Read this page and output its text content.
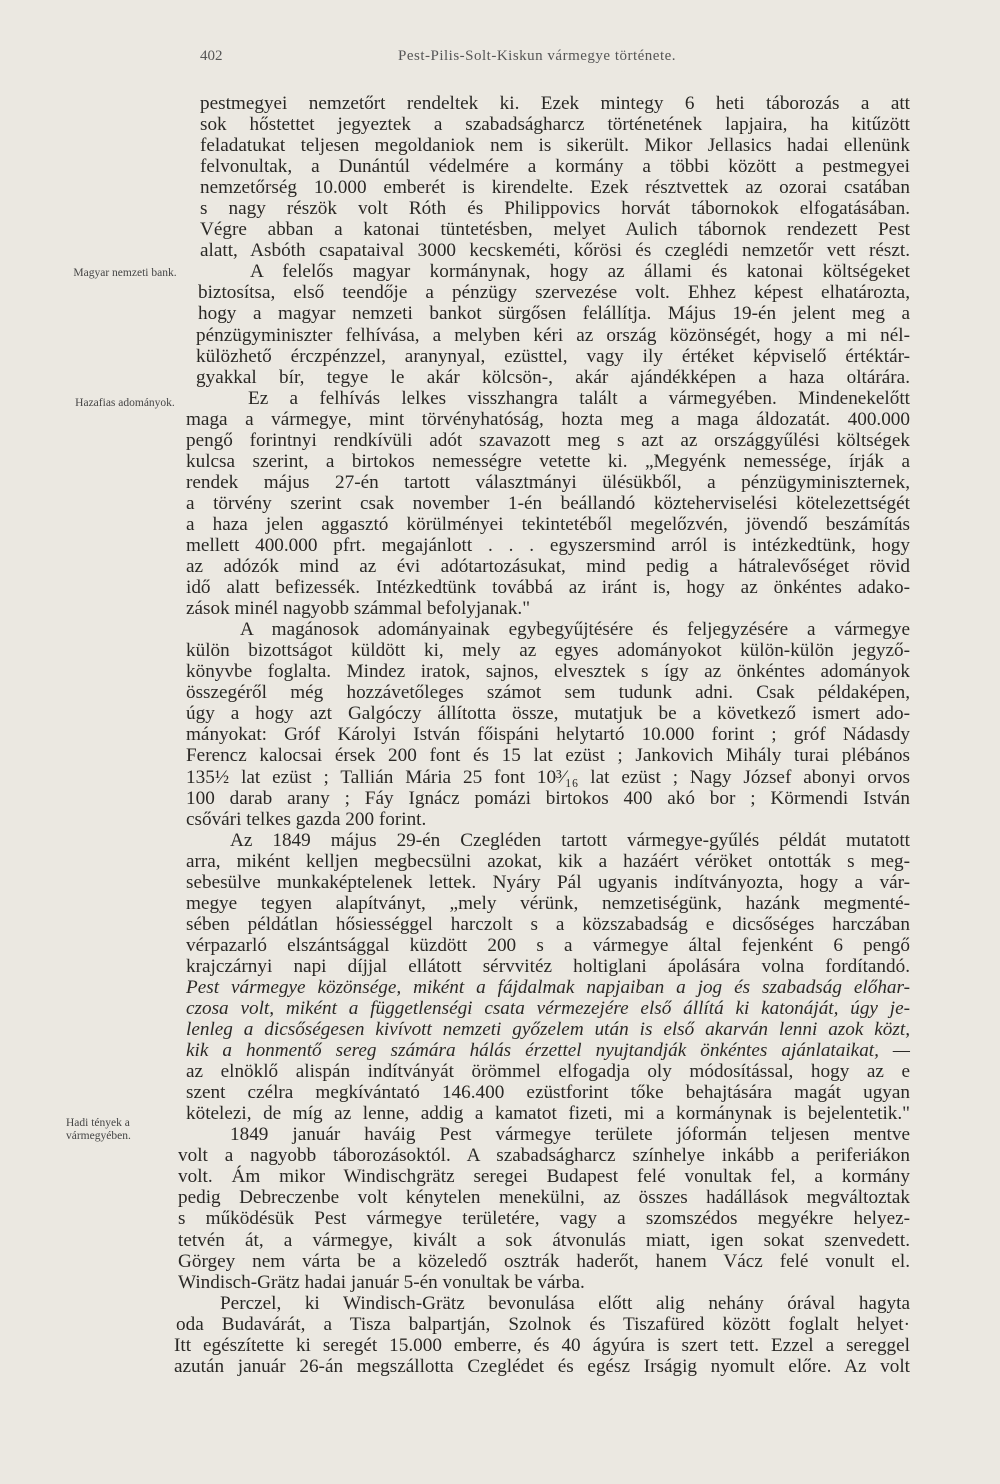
402	Pest-Pilis-Solt-Kiskun vármegye története.
Magyar nemzeti bank.
Hazafias adományok.
Hadi tények a vármegyében.
pestmegyei nemzetőrt rendeltek ki. Ezek mintegy 6 heti táborozás a att
sok hőstettet jegyeztek a szabadságharcz történetének lapjaira, ha kitűzött
feladatukat teljesen megoldaniok nem is sikerült. Mikor Jellasics hadai ellenünk
felvonultak, a Dunántúl védelmére a kormány a többi között a pestmegyei
nemzetőrség 10.000 emberét is kirendelte. Ezek résztvettek az ozorai csatában
s nagy részök volt Róth és Philippovics horvát tábornokok elfogatásában.
Végre abban a katonai tüntetésben, melyet Aulich tábornok rendezett Pest
alatt, Asbóth csapataival 3000 kecskeméti, kőrösi és czeglédi nemzetőr vett részt.
A felelős magyar kormánynak, hogy az állami és katonai költségeket
biztosítsa, első teendője a pénzügy szervezése volt. Ehhez képest elhatározta,
hogy a magyar nemzeti bankot sürgősen felállítja. Május 19-én jelent meg a
pénzügyminiszter felhívása, a melyben kéri az ország közönségét, hogy a mi nél-
külözhető érczpénzzel, aranynyal, ezüsttel, vagy ily értéket képviselő értéktár-
gyakkal bír, tegye le akár kölcsön-, akár ajándékképen a haza oltárára.
Ez a felhívás lelkes visszhangra talált a vármegyében. Mindenekelőtt
maga a vármegye, mint törvényhatóság, hozta meg a maga áldozatát. 400.000
pengő forintnyi rendkívüli adót szavazott meg s azt az országgyűlési költségek
kulcsa szerint, a birtokos nemességre vetette ki. „Megyénk nemessége, írják a
rendek május 27-én tartott választmányi ülésükből, a pénzügyminiszternek,
a törvény szerint csak november 1-én beállandó közteherviselési kötelezettségét
a haza jelen aggasztó körülményei tekintetéből megelőzvén, jövendő beszámítás
mellett 400.000 pfrt. megajánlott . . . egyszersmind arról is intézkedtünk, hogy
az adózók mind az évi adótartozásukat, mind pedig a hátralevőséget rövid
idő alatt befizessék. Intézkedtünk továbbá az iránt is, hogy az önkéntes adako-
zások minél nagyobb számmal befolyjanak."
A magánosok adományainak egybegyűjtésére és feljegyzésére a vármegye
külön bizottságot küldött ki, mely az egyes adományokot külön-külön jegyző-
könyvbe foglalta. Mindez iratok, sajnos, elvesztek s így az önkéntes adományok
összegéről még hozzávetőleges számot sem tudunk adni. Csak példaképen,
úgy a hogy azt Galgóczy állította össze, mutatjuk be a következő ismert ado-
mányokat: Gróf Károlyi István főispáni helytartó 10.000 forint ; gróf Nádasdy
Ferencz kalocsai érsek 200 font és 15 lat ezüst ; Jankovich Mihály turai plébános
135½ lat ezüst ; Tallián Mária 25 font 10³⁄₁₆ lat ezüst ; Nagy József abonyi orvos
100 darab arany ; Fáy Ignácz pomázi birtokos 400 akó bor ; Körmendi István
csővári telkes gazda 200 forint.
Az 1849 május 29-én Czegléden tartott vármegye-gyűlés példát mutatott
arra, miként kelljen megbecsülni azokat, kik a hazáért véröket ontották s meg-
sebesülve munkaképtelenek lettek. Nyáry Pál ugyanis indítványozta, hogy a vár-
megye tegyen alapítványt, „mely vérünk, nemzetiségünk, hazánk megmenté-
sében példátlan hősiességgel harczolt s a közszabadság e dicsőséges harczában
vérpazarló elszántsággal küzdött 200 s a vármegye által fejenként 6 pengő
krajczárnyi napi díjjal ellátott sérvvitéz holtiglani ápolására volna fordítandó.
Pest vármegye közönsége, miként a fájdalmak napjaiban a jog és szabadság előhar-
czosa volt, miként a függetlenségi csata vérmezejére első állítá ki katonáját, úgy je-
lenleg a dicsőségesen kivívott nemzeti győzelem után is első akarván lenni azok közt,
kik a honmentő sereg számára hálás érzettel nyujtandják önkéntes ajánlataikat, —
az elnöklő alispán indítványát örömmel elfogadja oly módosítással, hogy az e
szent czélra megkívántató 146.400 ezüstforint tőke behajtására magát ugyan
kötelezi, de míg az lenne, addig a kamatot fizeti, mi a kormánynak is bejelentetik."
1849 január haváig Pest vármegye területe jóformán teljesen mentve
volt a nagyobb táborozásoktól. A szabadságharcz színhelye inkább a periferiákon
volt. Ám mikor Windischgrätz seregei Budapest felé vonultak fel, a kormány
pedig Debreczenbe volt kénytelen menekülni, az összes hadállások megváltoztak
s működésük Pest vármegye területére, vagy a szomszédos megyékre helyez-
tetvén át, a vármegye, kivált a sok átvonulás miatt, igen sokat szenvedett.
Görgey nem várta be a közeledő osztrák haderőt, hanem Vácz felé vonult el.
Windisch-Grätz hadai január 5-én vonultak be várba.
Perczel, ki Windisch-Grätz bevonulása előtt alig nehány órával hagyta
oda Budavárát, a Tisza balpartján, Szolnok és Tiszafüred között foglalt helyet·
Itt egészítette ki seregét 15.000 emberre, és 40 ágyúra is szert tett. Ezzel a sereggel
azután január 26-án megszállotta Czeglédet és egész Irságig nyomult előre. Az volt
